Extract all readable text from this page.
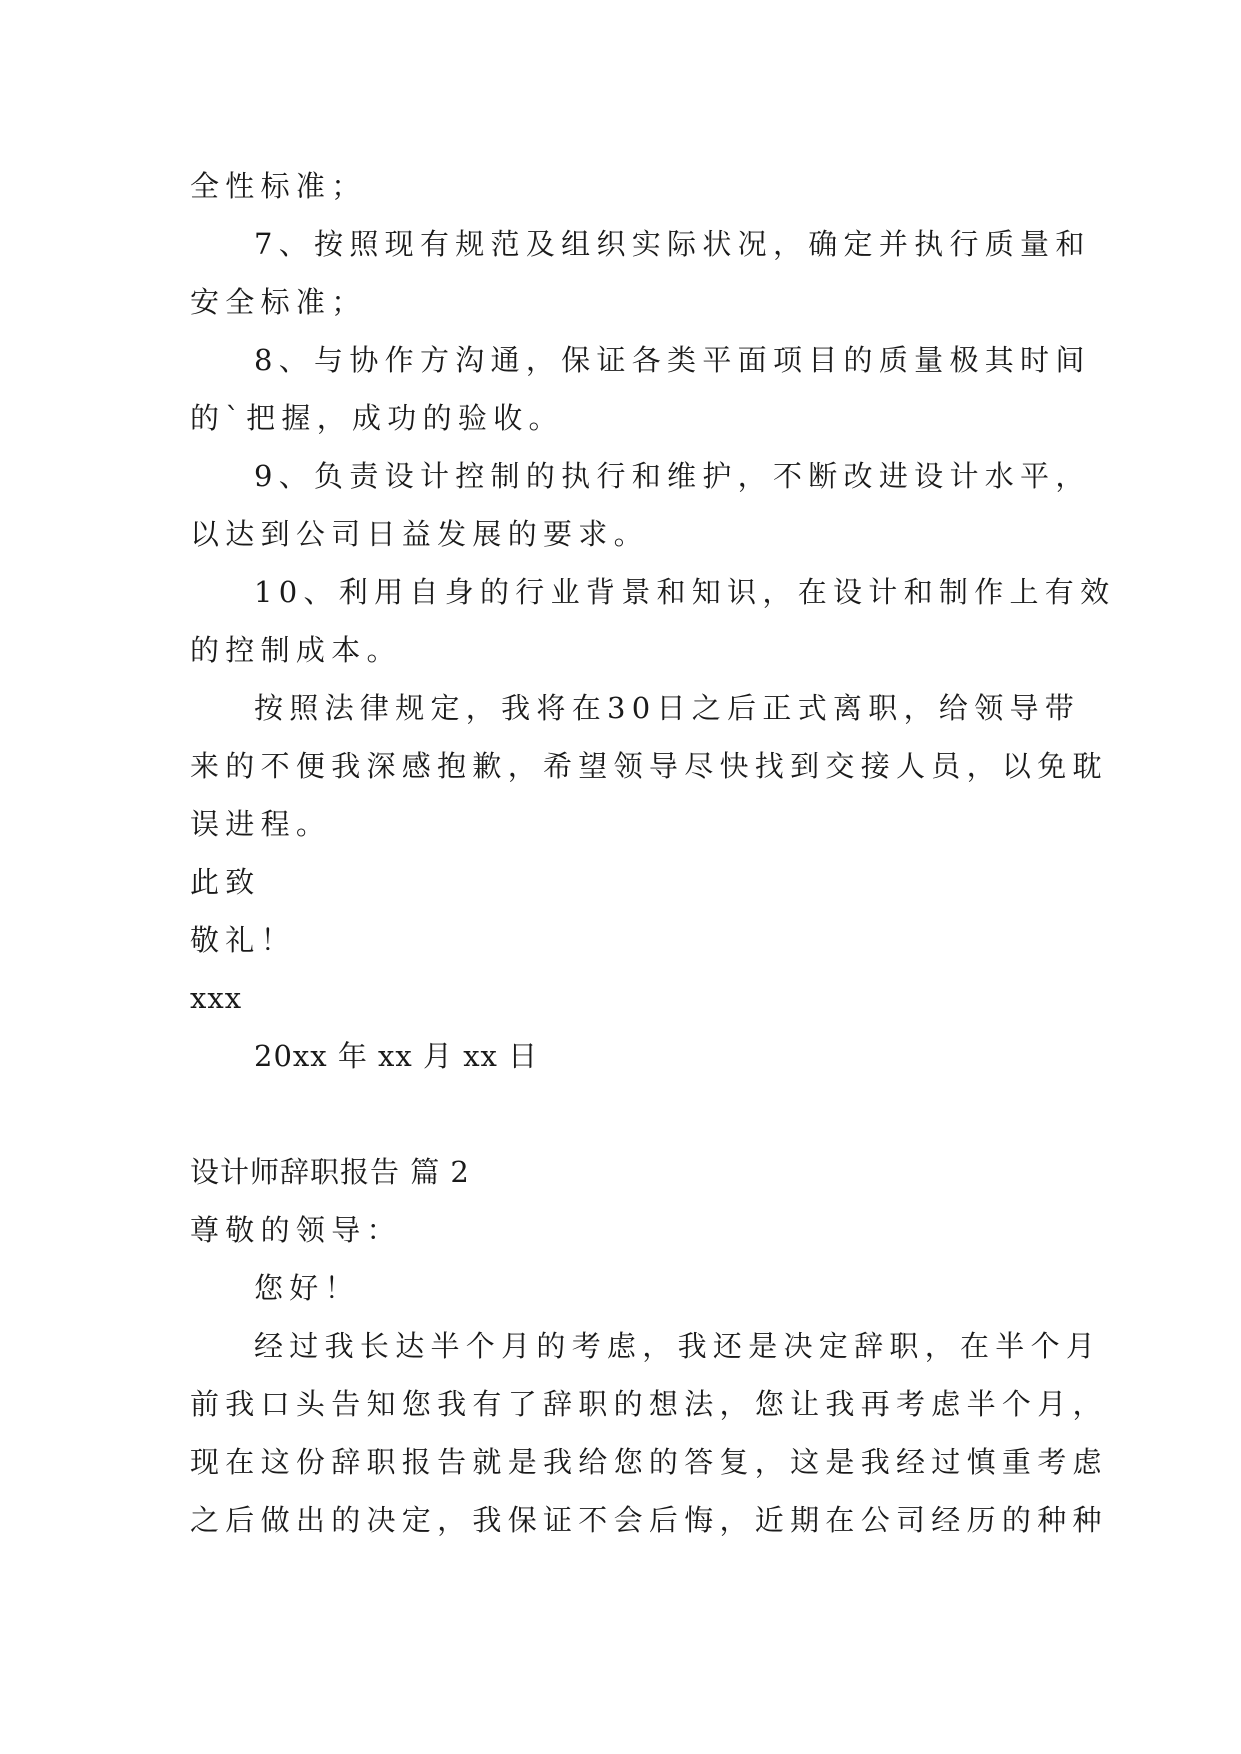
全性标准；
7、按照现有规范及组织实际状况，确定并执行质量和
安全标准；
8、与协作方沟通，保证各类平面项目的质量极其时间
的`把握，成功的验收。
9、负责设计控制的执行和维护，不断改进设计水平，
以达到公司日益发展的要求。
10、利用自身的行业背景和知识，在设计和制作上有效
的控制成本。
按照法律规定，我将在30日之后正式离职，给领导带
来的不便我深感抱歉，希望领导尽快找到交接人员，以免耽
误进程。
此致
敬礼！
xxx
20xx 年 xx 月 xx 日
设计师辞职报告 篇 2
尊敬的领导：
您好！
经过我长达半个月的考虑，我还是决定辞职，在半个月
前我口头告知您我有了辞职的想法，您让我再考虑半个月，
现在这份辞职报告就是我给您的答复，这是我经过慎重考虑
之后做出的决定，我保证不会后悔，近期在公司经历的种种
